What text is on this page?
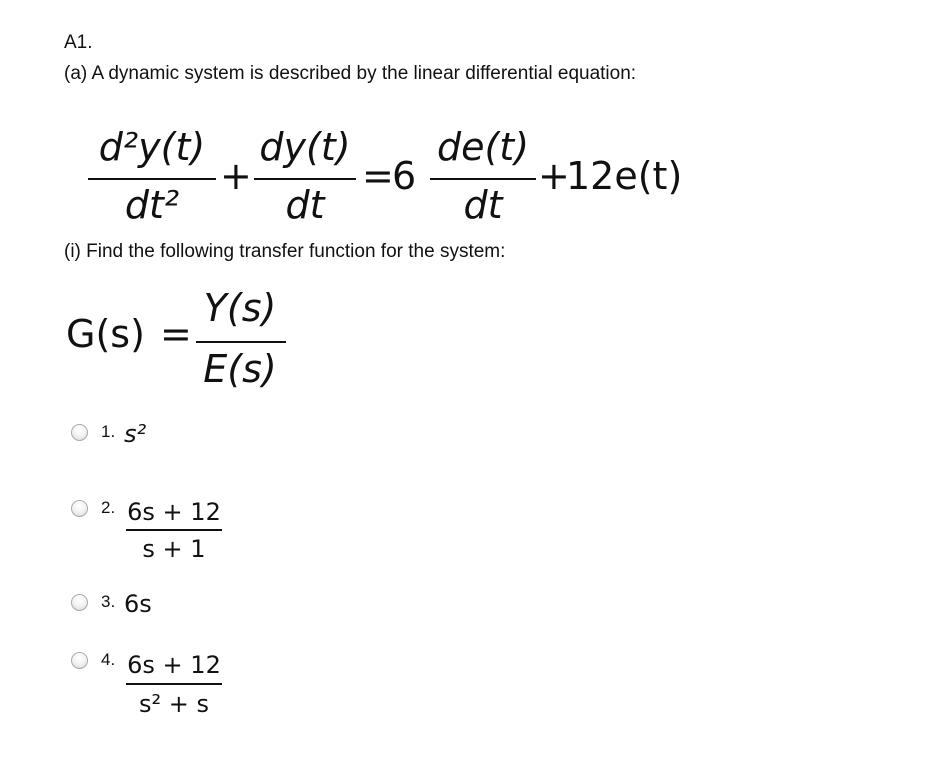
A1.
(a) A dynamic system is described by the linear differential equation:
d²y(t)
dt²
+
dy(t)
dt
=
6
de(t)
dt
+
12e(t)
(i) Find the following transfer function for the system:
G(s) =
Y(s)
E(s)
1. s²
2. 6s + 12
s + 1
3. 6s
4. 6s + 12
s² + s
